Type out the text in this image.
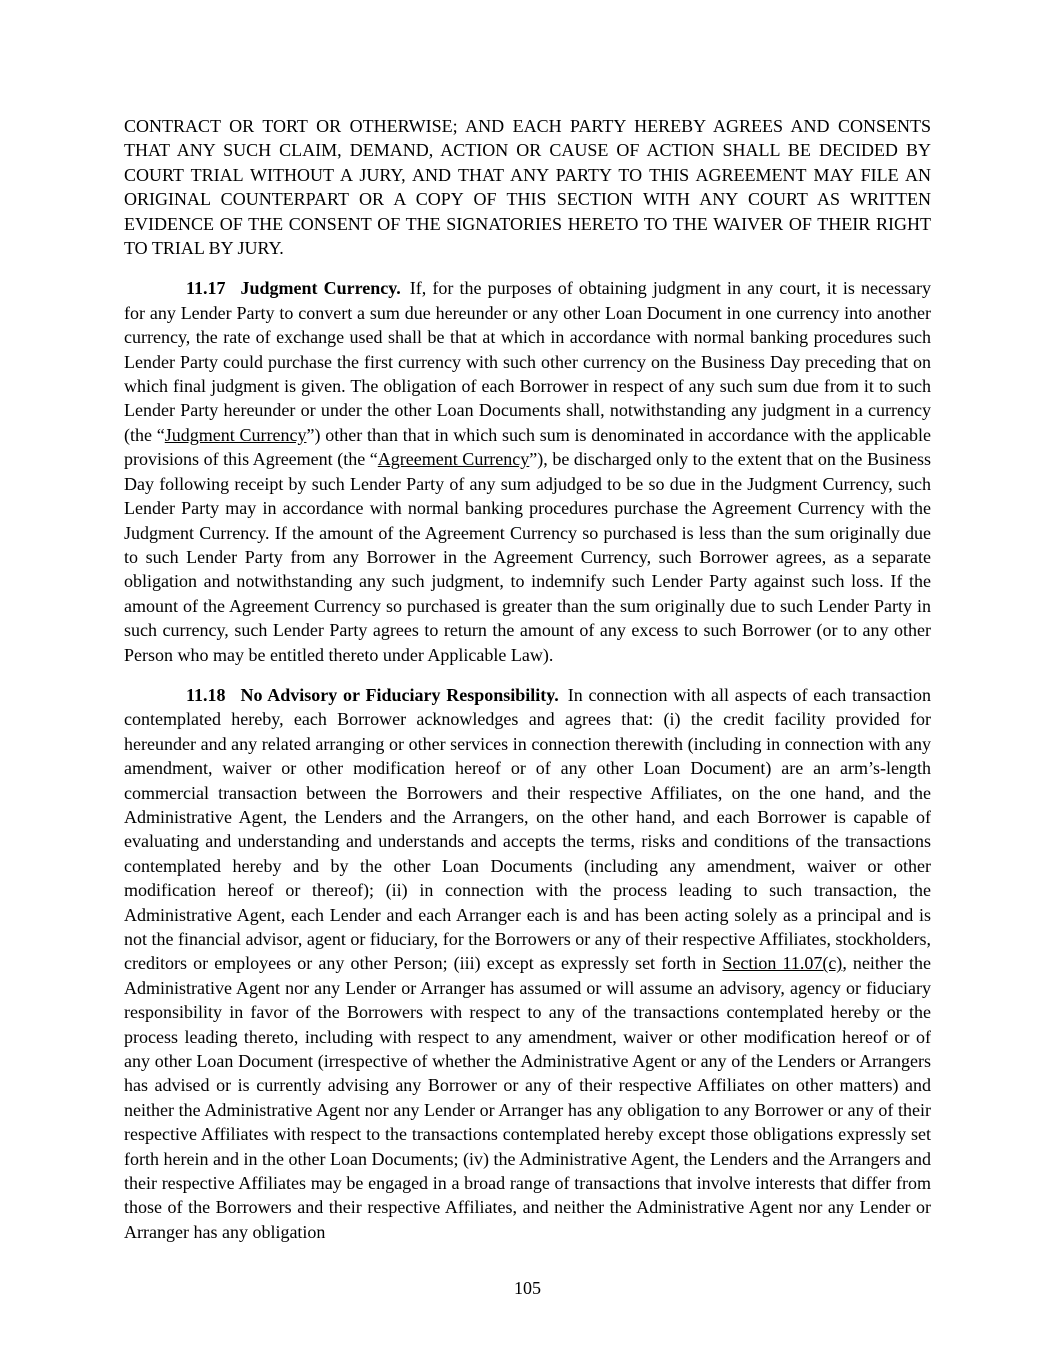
CONTRACT OR TORT OR OTHERWISE; AND EACH PARTY HEREBY AGREES AND CONSENTS THAT ANY SUCH CLAIM, DEMAND, ACTION OR CAUSE OF ACTION SHALL BE DECIDED BY COURT TRIAL WITHOUT A JURY, AND THAT ANY PARTY TO THIS AGREEMENT MAY FILE AN ORIGINAL COUNTERPART OR A COPY OF THIS SECTION WITH ANY COURT AS WRITTEN EVIDENCE OF THE CONSENT OF THE SIGNATORIES HERETO TO THE WAIVER OF THEIR RIGHT TO TRIAL BY JURY.

11.17 Judgment Currency. If, for the purposes of obtaining judgment in any court, it is necessary for any Lender Party to convert a sum due hereunder or any other Loan Document in one currency into another currency, the rate of exchange used shall be that at which in accordance with normal banking procedures such Lender Party could purchase the first currency with such other currency on the Business Day preceding that on which final judgment is given. The obligation of each Borrower in respect of any such sum due from it to such Lender Party hereunder or under the other Loan Documents shall, notwithstanding any judgment in a currency (the “Judgment Currency”) other than that in which such sum is denominated in accordance with the applicable provisions of this Agreement (the “Agreement Currency”), be discharged only to the extent that on the Business Day following receipt by such Lender Party of any sum adjudged to be so due in the Judgment Currency, such Lender Party may in accordance with normal banking procedures purchase the Agreement Currency with the Judgment Currency. If the amount of the Agreement Currency so purchased is less than the sum originally due to such Lender Party from any Borrower in the Agreement Currency, such Borrower agrees, as a separate obligation and notwithstanding any such judgment, to indemnify such Lender Party against such loss. If the amount of the Agreement Currency so purchased is greater than the sum originally due to such Lender Party in such currency, such Lender Party agrees to return the amount of any excess to such Borrower (or to any other Person who may be entitled thereto under Applicable Law).

11.18 No Advisory or Fiduciary Responsibility. In connection with all aspects of each transaction contemplated hereby, each Borrower acknowledges and agrees that: (i) the credit facility provided for hereunder and any related arranging or other services in connection therewith (including in connection with any amendment, waiver or other modification hereof or of any other Loan Document) are an arm’s-length commercial transaction between the Borrowers and their respective Affiliates, on the one hand, and the Administrative Agent, the Lenders and the Arrangers, on the other hand, and each Borrower is capable of evaluating and understanding and understands and accepts the terms, risks and conditions of the transactions contemplated hereby and by the other Loan Documents (including any amendment, waiver or other modification hereof or thereof); (ii) in connection with the process leading to such transaction, the Administrative Agent, each Lender and each Arranger each is and has been acting solely as a principal and is not the financial advisor, agent or fiduciary, for the Borrowers or any of their respective Affiliates, stockholders, creditors or employees or any other Person; (iii) except as expressly set forth in Section 11.07(c), neither the Administrative Agent nor any Lender or Arranger has assumed or will assume an advisory, agency or fiduciary responsibility in favor of the Borrowers with respect to any of the transactions contemplated hereby or the process leading thereto, including with respect to any amendment, waiver or other modification hereof or of any other Loan Document (irrespective of whether the Administrative Agent or any of the Lenders or Arrangers has advised or is currently advising any Borrower or any of their respective Affiliates on other matters) and neither the Administrative Agent nor any Lender or Arranger has any obligation to any Borrower or any of their respective Affiliates with respect to the transactions contemplated hereby except those obligations expressly set forth herein and in the other Loan Documents; (iv) the Administrative Agent, the Lenders and the Arrangers and their respective Affiliates may be engaged in a broad range of transactions that involve interests that differ from those of the Borrowers and their respective Affiliates, and neither the Administrative Agent nor any Lender or Arranger has any obligation

105
